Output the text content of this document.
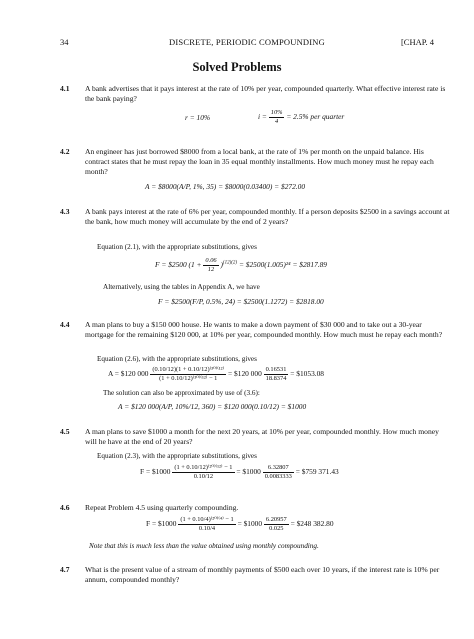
34	DISCRETE, PERIODIC COMPOUNDING	[CHAP. 4
Solved Problems
4.1 A bank advertises that it pays interest at the rate of 10% per year, compounded quarterly. What effective interest rate is the bank paying?
r = 10%	$i = \frac{10\%}{4} = 2.5\%$ per quarter
4.2 An engineer has just borrowed $8000 from a local bank, at the rate of 1% per month on the unpaid balance. His contract states that he must repay the loan in 35 equal monthly installments. How much money must he repay each month?
A = $8000(A/P, 1%, 35) = $8000(0.03400) = $272.00
4.3 A bank pays interest at the rate of 6% per year, compounded monthly. If a person deposits $2500 in a savings account at the bank, how much money will accumulate by the end of 2 years?
Equation (2.1), with the appropriate substitutions, gives
F = $2500 $(1 + \frac{0.06}{12} )^{(12)(2)}$ = $2500(1.005)²⁴ = $2817.89
Alternatively, using the tables in Appendix A, we have
F = $2500(F/P, 0.5%, 24) = $2500(1.1272) = $2818.00
4.4 A man plans to buy a $150 000 house. He wants to make a down payment of $30 000 and to take out a 30-year mortgage for the remaining $120 000, at 10% per year, compounded monthly. How much must he repay each month?
Equation (2.6), with the appropriate substitutions, gives
A = $120 $000 \frac{\text{(0.10/12)(1 + 0.10/12)⁽³⁰⁾⁽¹²⁾}}{\text{(1 + 0.10/12)⁽³⁰⁾⁽¹²⁾ − 1}}$ = $120 $000 \frac{0.16531}{18.8374}$ = $1053.08
The solution can also be approximated by use of (3.6):
A = $120 000(A/P, 10%/12, 360) = $120 000(0.10/12) = $1000
4.5 A man plans to save $1000 a month for the next 20 years, at 10% per year, compounded monthly. How much money will he have at the end of 20 years?
Equation (2.3), with the appropriate substitutions, gives
F = $1000 $\frac{\text{(1 + 0.10/12)⁽²⁰⁾⁽¹²⁾ − 1}}{0.10/12}$ = $1000 $\frac{6.32807}{0.0083333}$ = $759 371.43
4.6 Repeat Problem 4.5 using quarterly compounding.
F = $1000 $\frac{\text{(1 + 0.10/4)⁽²⁰⁾⁽⁴⁾ − 1}}{0.10/4}$ = $1000 $\frac{6.20957}{0.025}$ = $248 382.80
Note that this is much less than the value obtained using monthly compounding.
4.7 What is the present value of a stream of monthly payments of $500 each over 10 years, if the interest rate is 10% per annum, compounded monthly?
